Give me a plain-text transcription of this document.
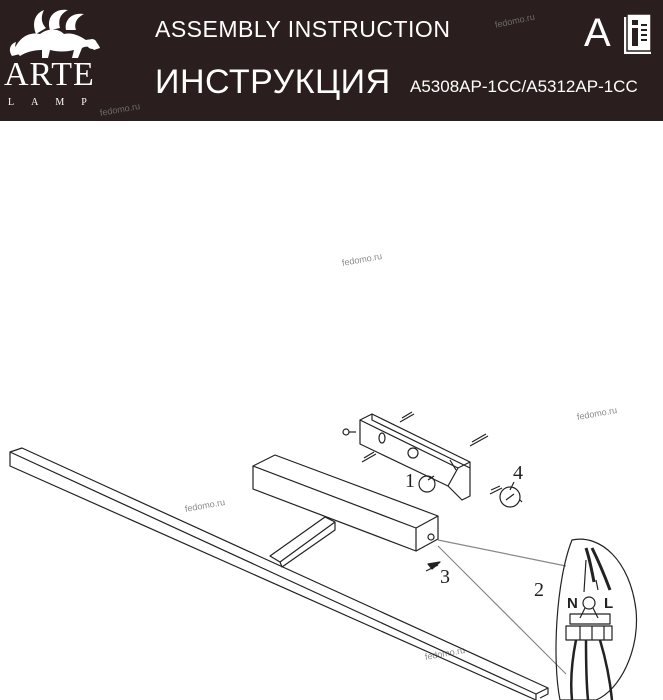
ARTE
LAMP
ASSEMBLY INSTRUCTION
ИНСТРУКЦИЯ A5308AP-1CC/A5312AP-1CC
A
fedomo.ru
fedomo.ru
fedomo.ru
fedomo.ru
fedomo.ru
fedomo.ru
1
2
3
4
N L
